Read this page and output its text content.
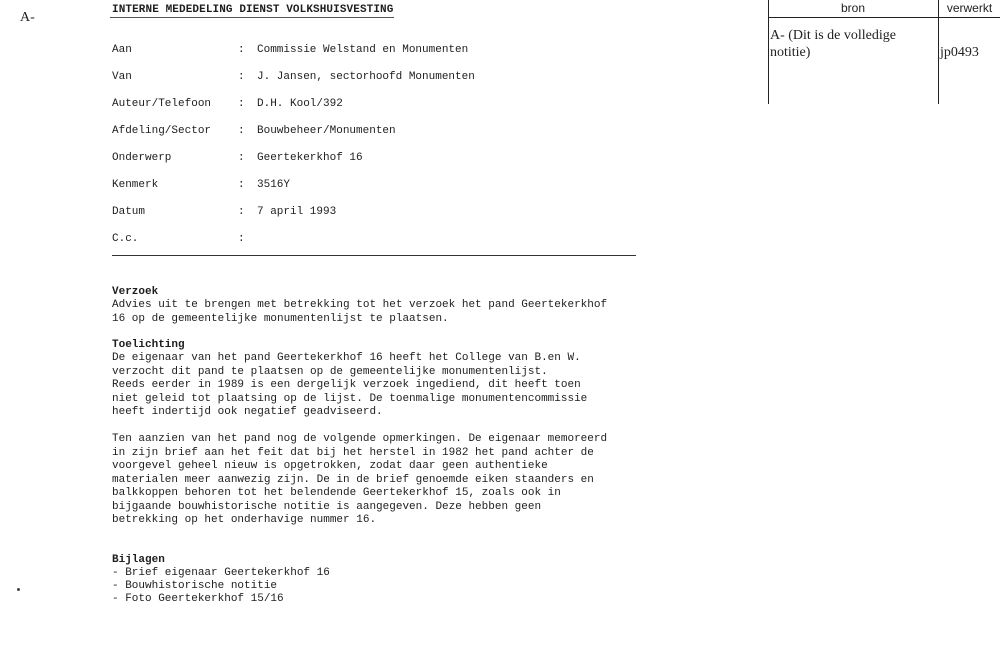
A-	INTERNE MEDEDELING DIENST VOLKSHUISVESTING
Aan	: Commissie Welstand en Monumenten
Van	: J. Jansen, sectorhoofd Monumenten
Auteur/Telefoon : D.H. Kool/392
Afdeling/Sector : Bouwbeheer/Monumenten
Onderwerp	: Geertekerkhof 16
Kenmerk	: 3516Y
Datum	: 7 april 1993
C.c.	:
Verzoek
Advies uit te brengen met betrekking tot het verzoek het pand Geertekerkhof
16 op de gemeentelijke monumentenlijst te plaatsen.
Toelichting
De eigenaar van het pand Geertekerkhof 16 heeft het College van B.en W.
verzocht dit pand te plaatsen op de gemeentelijke monumentenlijst.
Reeds eerder in 1989 is een dergelijk verzoek ingediend, dit heeft toen
niet geleid tot plaatsing op de lijst. De toenmalige monumentencommissie
heeft indertijd ook negatief geadviseerd.
Ten aanzien van het pand nog de volgende opmerkingen. De eigenaar memoreerd
in zijn brief aan het feit dat bij het herstel in 1982 het pand achter de
voorgevel geheel nieuw is opgetrokken, zodat daar geen authentieke
materialen meer aanwezig zijn. De in de brief genoemde eiken staanders en
balkkoppen behoren tot het belendende Geertekerkhof 15, zoals ook in
bijgaande bouwhistorische notitie is aangegeven. Deze hebben geen
betrekking op het onderhavige nummer 16.
Bijlagen
- Brief eigenaar Geertekerkhof 16
- Bouwhistorische notitie
- Foto Geertekerkhof 15/16
bron	verwerkt
A- (Dit is de volledige notitie)	jp0493
